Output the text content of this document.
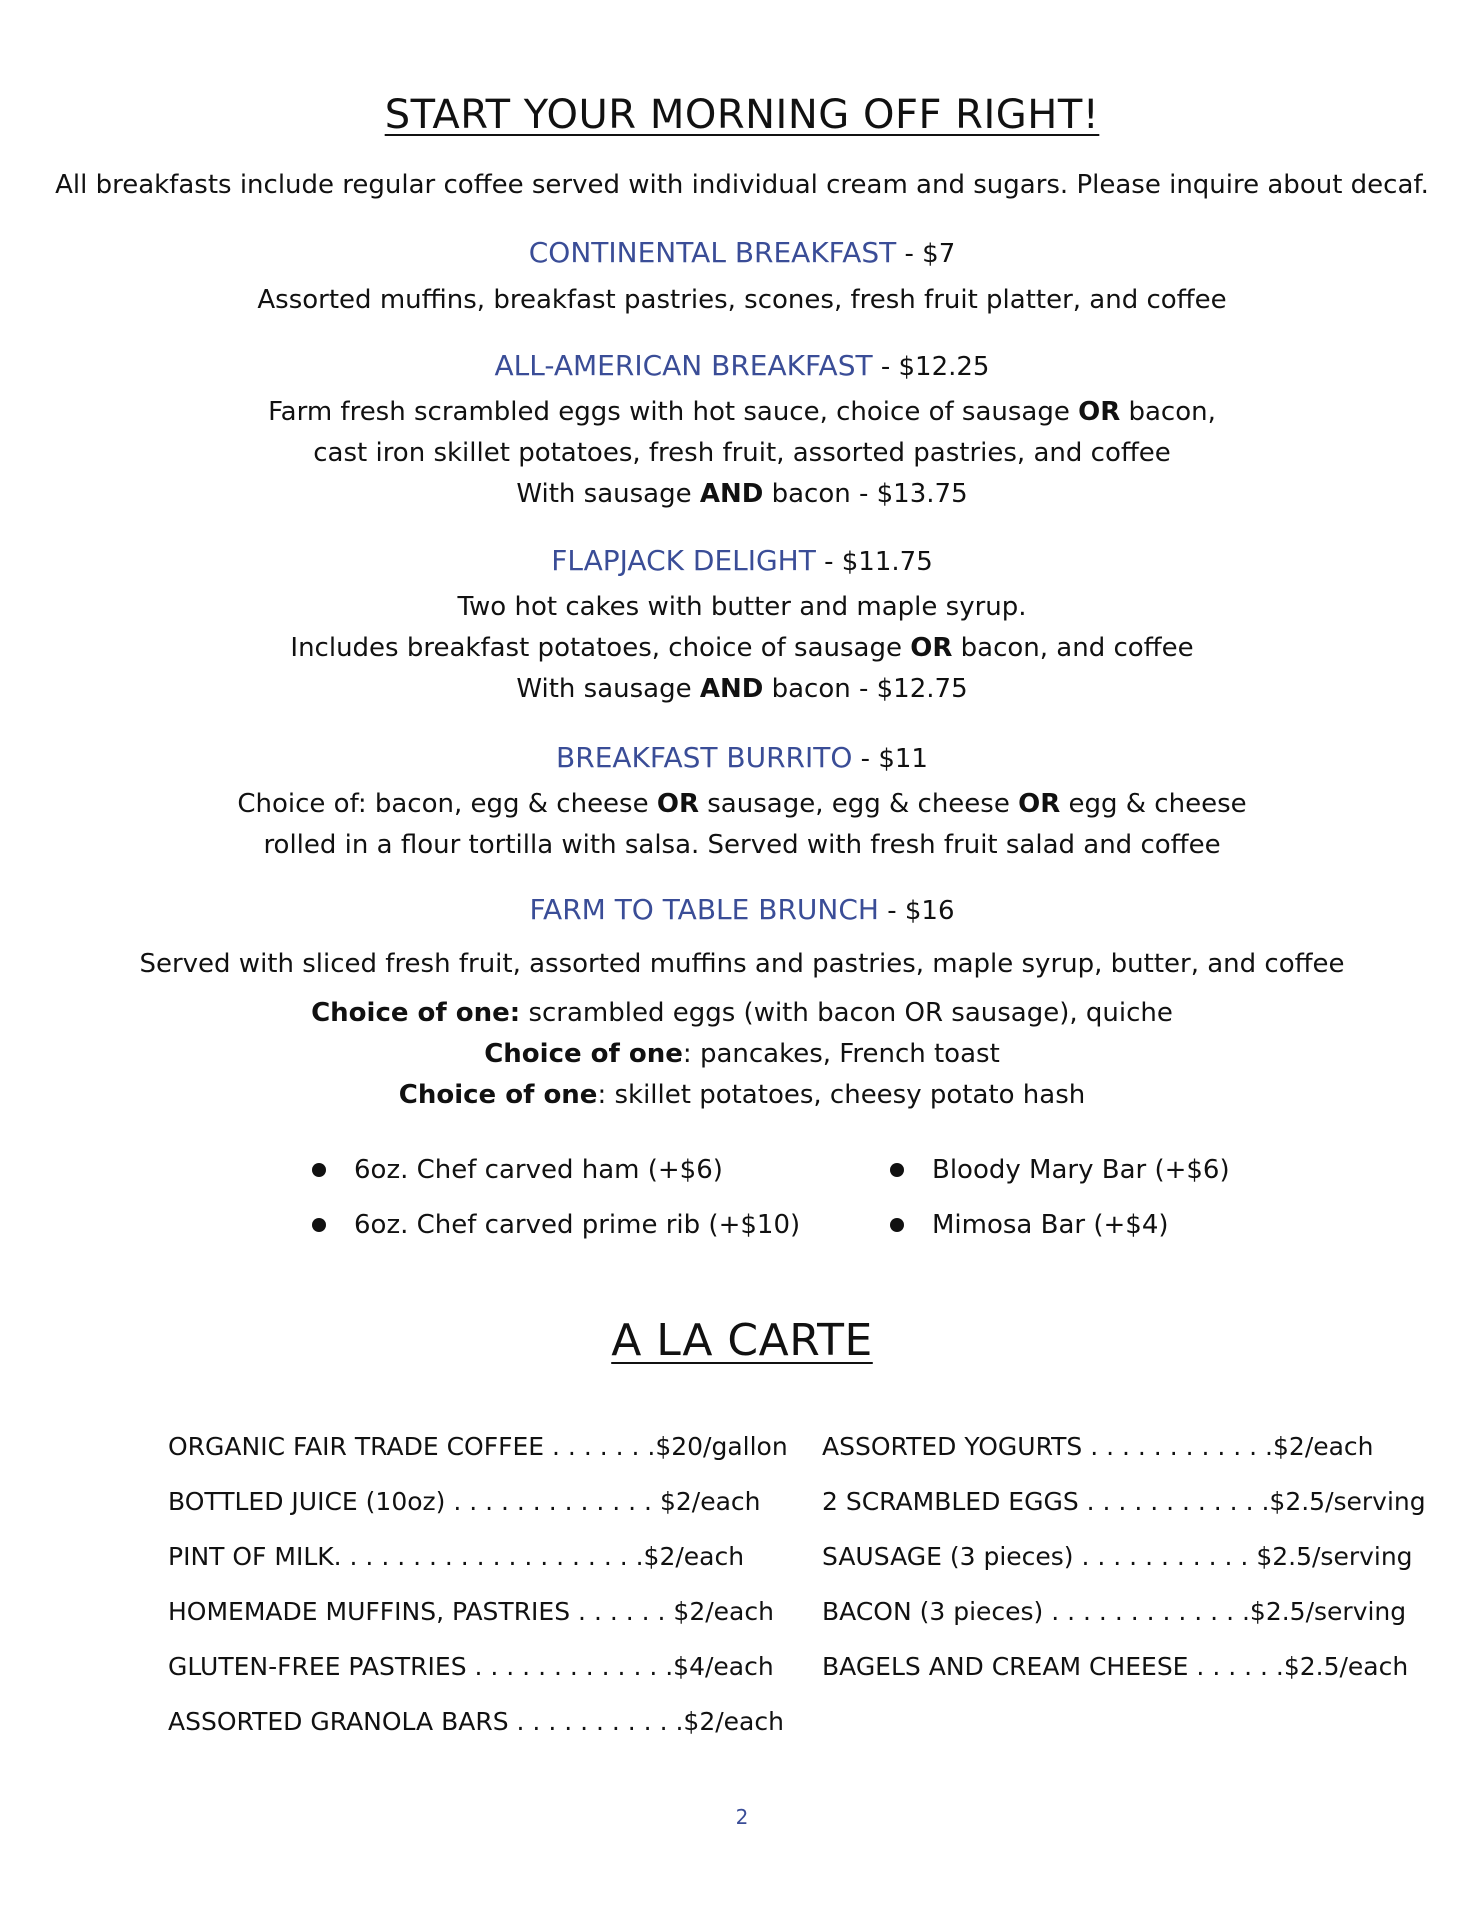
START YOUR MORNING OFF RIGHT!
All breakfasts include regular coffee served with individual cream and sugars. Please inquire about decaf.
CONTINENTAL BREAKFAST - $7
Assorted muffins, breakfast pastries, scones, fresh fruit platter, and coffee
ALL-AMERICAN BREAKFAST - $12.25
Farm fresh scrambled eggs with hot sauce, choice of sausage OR bacon,
cast iron skillet potatoes, fresh fruit, assorted pastries, and coffee
With sausage AND bacon - $13.75
FLAPJACK DELIGHT - $11.75
Two hot cakes with butter and maple syrup.
Includes breakfast potatoes, choice of sausage OR bacon, and coffee
With sausage AND bacon - $12.75
BREAKFAST BURRITO - $11
Choice of: bacon, egg & cheese OR sausage, egg & cheese OR egg & cheese
rolled in a flour tortilla with salsa. Served with fresh fruit salad and coffee
FARM TO TABLE BRUNCH - $16
Served with sliced fresh fruit, assorted muffins and pastries, maple syrup, butter, and coffee
Choice of one: scrambled eggs (with bacon OR sausage), quiche
Choice of one: pancakes, French toast
Choice of one: skillet potatoes, cheesy potato hash
6oz. Chef carved ham (+$6)
6oz. Chef carved prime rib (+$10)
Bloody Mary Bar (+$6)
Mimosa Bar (+$4)
A LA CARTE
ORGANIC FAIR TRADE COFFEE . . . . . . .$20/gallon
BOTTLED JUICE (10oz) . . . . . . . . . . . . . $2/each
PINT OF MILK. . . . . . . . . . . . . . . . . . . .$2/each
HOMEMADE MUFFINS, PASTRIES . . . . . . $2/each
GLUTEN-FREE PASTRIES . . . . . . . . . . . . .$4/each
ASSORTED GRANOLA BARS . . . . . . . . . . .$2/each
ASSORTED YOGURTS . . . . . . . . . . . .$2/each
2 SCRAMBLED EGGS . . . . . . . . . . . .$2.5/serving
SAUSAGE (3 pieces) . . . . . . . . . . . $2.5/serving
BACON (3 pieces) . . . . . . . . . . . . .$2.5/serving
BAGELS AND CREAM CHEESE . . . . . .$2.5/each
2
